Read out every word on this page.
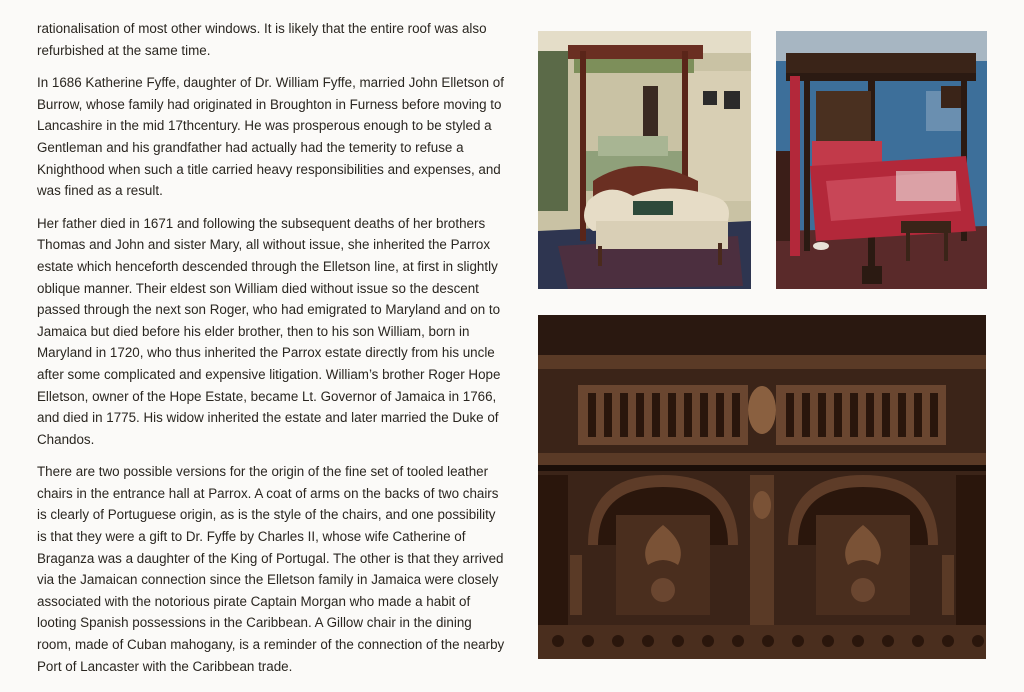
rationalisation of most other windows. It is likely that the entire roof was also refurbished at the same time.

In 1686 Katherine Fyffe, daughter of Dr. William Fyffe, married John Elletson of Burrow, whose family had originated in Broughton in Furness before moving to Lancashire in the mid 17thcentury. He was prosperous enough to be styled a Gentleman and his grandfather had actually had the temerity to refuse a Knighthood when such a title carried heavy responsibilities and expenses, and was fined as a result.

Her father died in 1671 and following the subsequent deaths of her brothers Thomas and John and sister Mary, all without issue, she inherited the Parrox estate which henceforth descended through the Elletson line, at first in slightly oblique manner. Their eldest son William died without issue so the descent passed through the next son Roger, who had emigrated to Maryland and on to Jamaica but died before his elder brother, then to his son William, born in Maryland in 1720, who thus inherited the Parrox estate directly from his uncle after some complicated and expensive litigation. William’s brother Roger Hope Elletson, owner of the Hope Estate, became Lt. Governor of Jamaica in 1766, and died in 1775. His widow inherited the estate and later married the Duke of Chandos.

There are two possible versions for the origin of the fine set of tooled leather chairs in the entrance hall at Parrox. A coat of arms on the backs of two chairs is clearly of Portuguese origin, as is the style of the chairs, and one possibility is that they were a gift to Dr. Fyffe by Charles II, whose wife Catherine of Braganza was a daughter of the King of Portugal. The other is that they arrived via the Jamaican connection since the Elletson family in Jamaica were closely associated with the notorious pirate Captain Morgan who made a habit of looting Spanish possessions in the Caribbean. A Gillow chair in the dining room, made of Cuban mahogany, is a reminder of the connection of the nearby Port of Lancaster with the Caribbean trade.
